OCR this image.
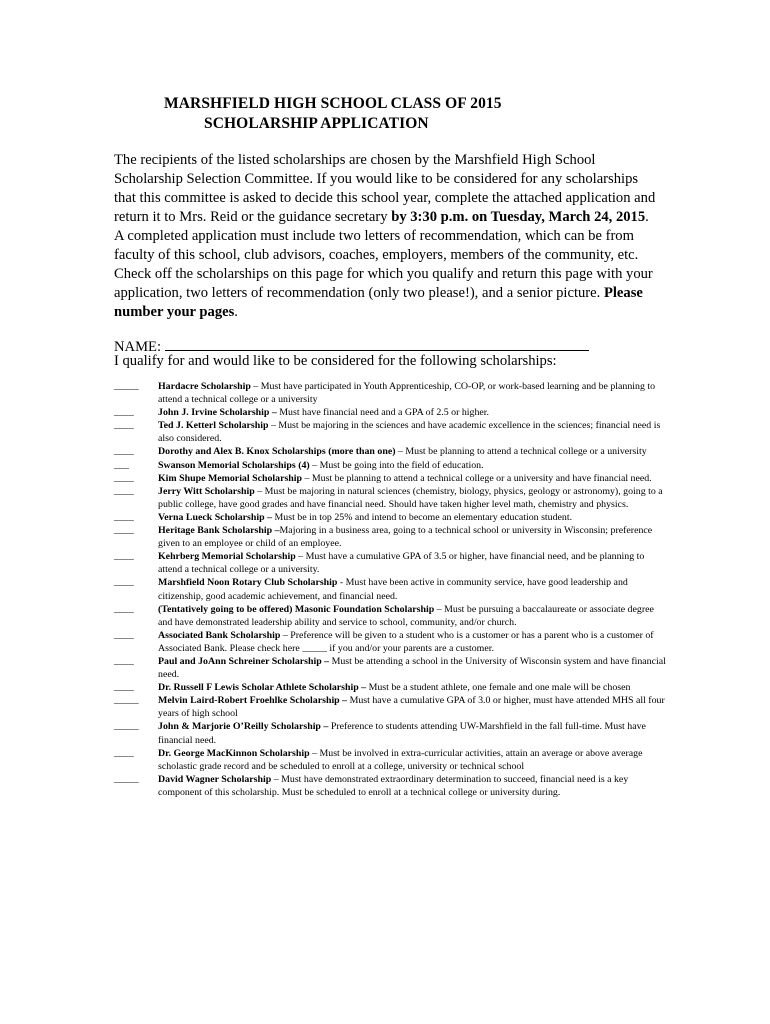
MARSHFIELD HIGH SCHOOL CLASS OF 2015
SCHOLARSHIP APPLICATION
The recipients of the listed scholarships are chosen by the Marshfield High School Scholarship Selection Committee. If you would like to be considered for any scholarships that this committee is asked to decide this school year, complete the attached application and return it to Mrs. Reid or the guidance secretary by 3:30 p.m. on Tuesday, March 24, 2015. A completed application must include two letters of recommendation, which can be from faculty of this school, club advisors, coaches, employers, members of the community, etc. Check off the scholarships on this page for which you qualify and return this page with your application, two letters of recommendation (only two please!), and a senior picture. Please number your pages.
NAME:
I qualify for and would like to be considered for the following scholarships:
_____	Hardacre Scholarship – Must have participated in Youth Apprenticeship, CO-OP, or work-based learning and be planning to attend a technical college or a university
____	John J. Irvine Scholarship – Must have financial need and a GPA of 2.5 or higher.
____	Ted J. Ketterl Scholarship – Must be majoring in the sciences and have academic excellence in the sciences; financial need is also considered.
____	Dorothy and Alex B. Knox Scholarships (more than one) – Must be planning to attend a technical college or a university
___	Swanson Memorial Scholarships (4) – Must be going into the field of education.
____	Kim Shupe Memorial Scholarship – Must be planning to attend a technical college or a university and have financial need.
____	Jerry Witt Scholarship – Must be majoring in natural sciences (chemistry, biology, physics, geology or astronomy), going to a public college, have good grades and have financial need. Should have taken higher level math, chemistry and physics.
____	Verna Lueck Scholarship – Must be in top 25% and intend to become an elementary education student.
____	Heritage Bank Scholarship –Majoring in a business area, going to a technical school or university in Wisconsin; preference given to an employee or child of an employee.
____	Kehrberg Memorial Scholarship – Must have a cumulative GPA of 3.5 or higher, have financial need, and be planning to attend a technical college or a university.
____	Marshfield Noon Rotary Club Scholarship - Must have been active in community service, have good leadership and citizenship, good academic achievement, and financial need.
____	(Tentatively going to be offered) Masonic Foundation Scholarship – Must be pursuing a baccalaureate or associate degree and have demonstrated leadership ability and service to school, community, and/or church.
____	Associated Bank Scholarship – Preference will be given to a student who is a customer or has a parent who is a customer of Associated Bank. Please check here _____ if you and/or your parents are a customer.
____	Paul and JoAnn Schreiner Scholarship – Must be attending a school in the University of Wisconsin system and have financial need.
____	Dr. Russell F Lewis Scholar Athlete Scholarship – Must be a student athlete, one female and one male will be chosen
_____	Melvin Laird-Robert Froehlke Scholarship – Must have a cumulative GPA of 3.0 or higher, must have attended MHS all four years of high school
_____	John & Marjorie O’Reilly Scholarship – Preference to students attending UW-Marshfield in the fall full-time. Must have financial need.
____	Dr. George MacKinnon Scholarship – Must be involved in extra-curricular activities, attain an average or above average scholastic grade record and be scheduled to enroll at a college, university or technical school
_____	David Wagner Scholarship – Must have demonstrated extraordinary determination to succeed, financial need is a key component of this scholarship. Must be scheduled to enroll at a technical college or university during.
